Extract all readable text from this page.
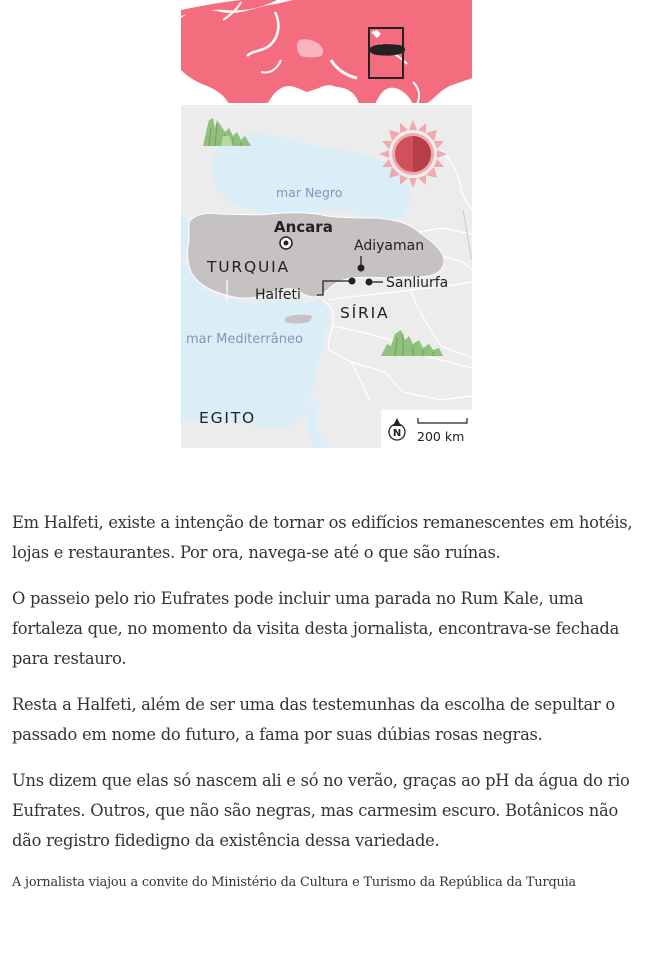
mar Negro
mar Mediterrâneo
Ancara
TURQUIA
SÍRIA
EGITO
Adiyaman
Sanliurfa
Halfeti
N 200 km

Em Halfeti, existe a intenção de tornar os edifícios remanescentes em hotéis, lojas e restaurantes. Por ora, navega-se até o que são ruínas.

O passeio pelo rio Eufrates pode incluir uma parada no Rum Kale, uma fortaleza que, no momento da visita desta jornalista, encontrava-se fechada para restauro.

Resta a Halfeti, além de ser uma das testemunhas da escolha de sepultar o passado em nome do futuro, a fama por suas dúbias rosas negras.

Uns dizem que elas só nascem ali e só no verão, graças ao pH da água do rio Eufrates. Outros, que não são negras, mas carmesim escuro. Botânicos não dão registro fidedigno da existência dessa variedade.

A jornalista viajou a convite do Ministério da Cultura e Turismo da República da Turquia
